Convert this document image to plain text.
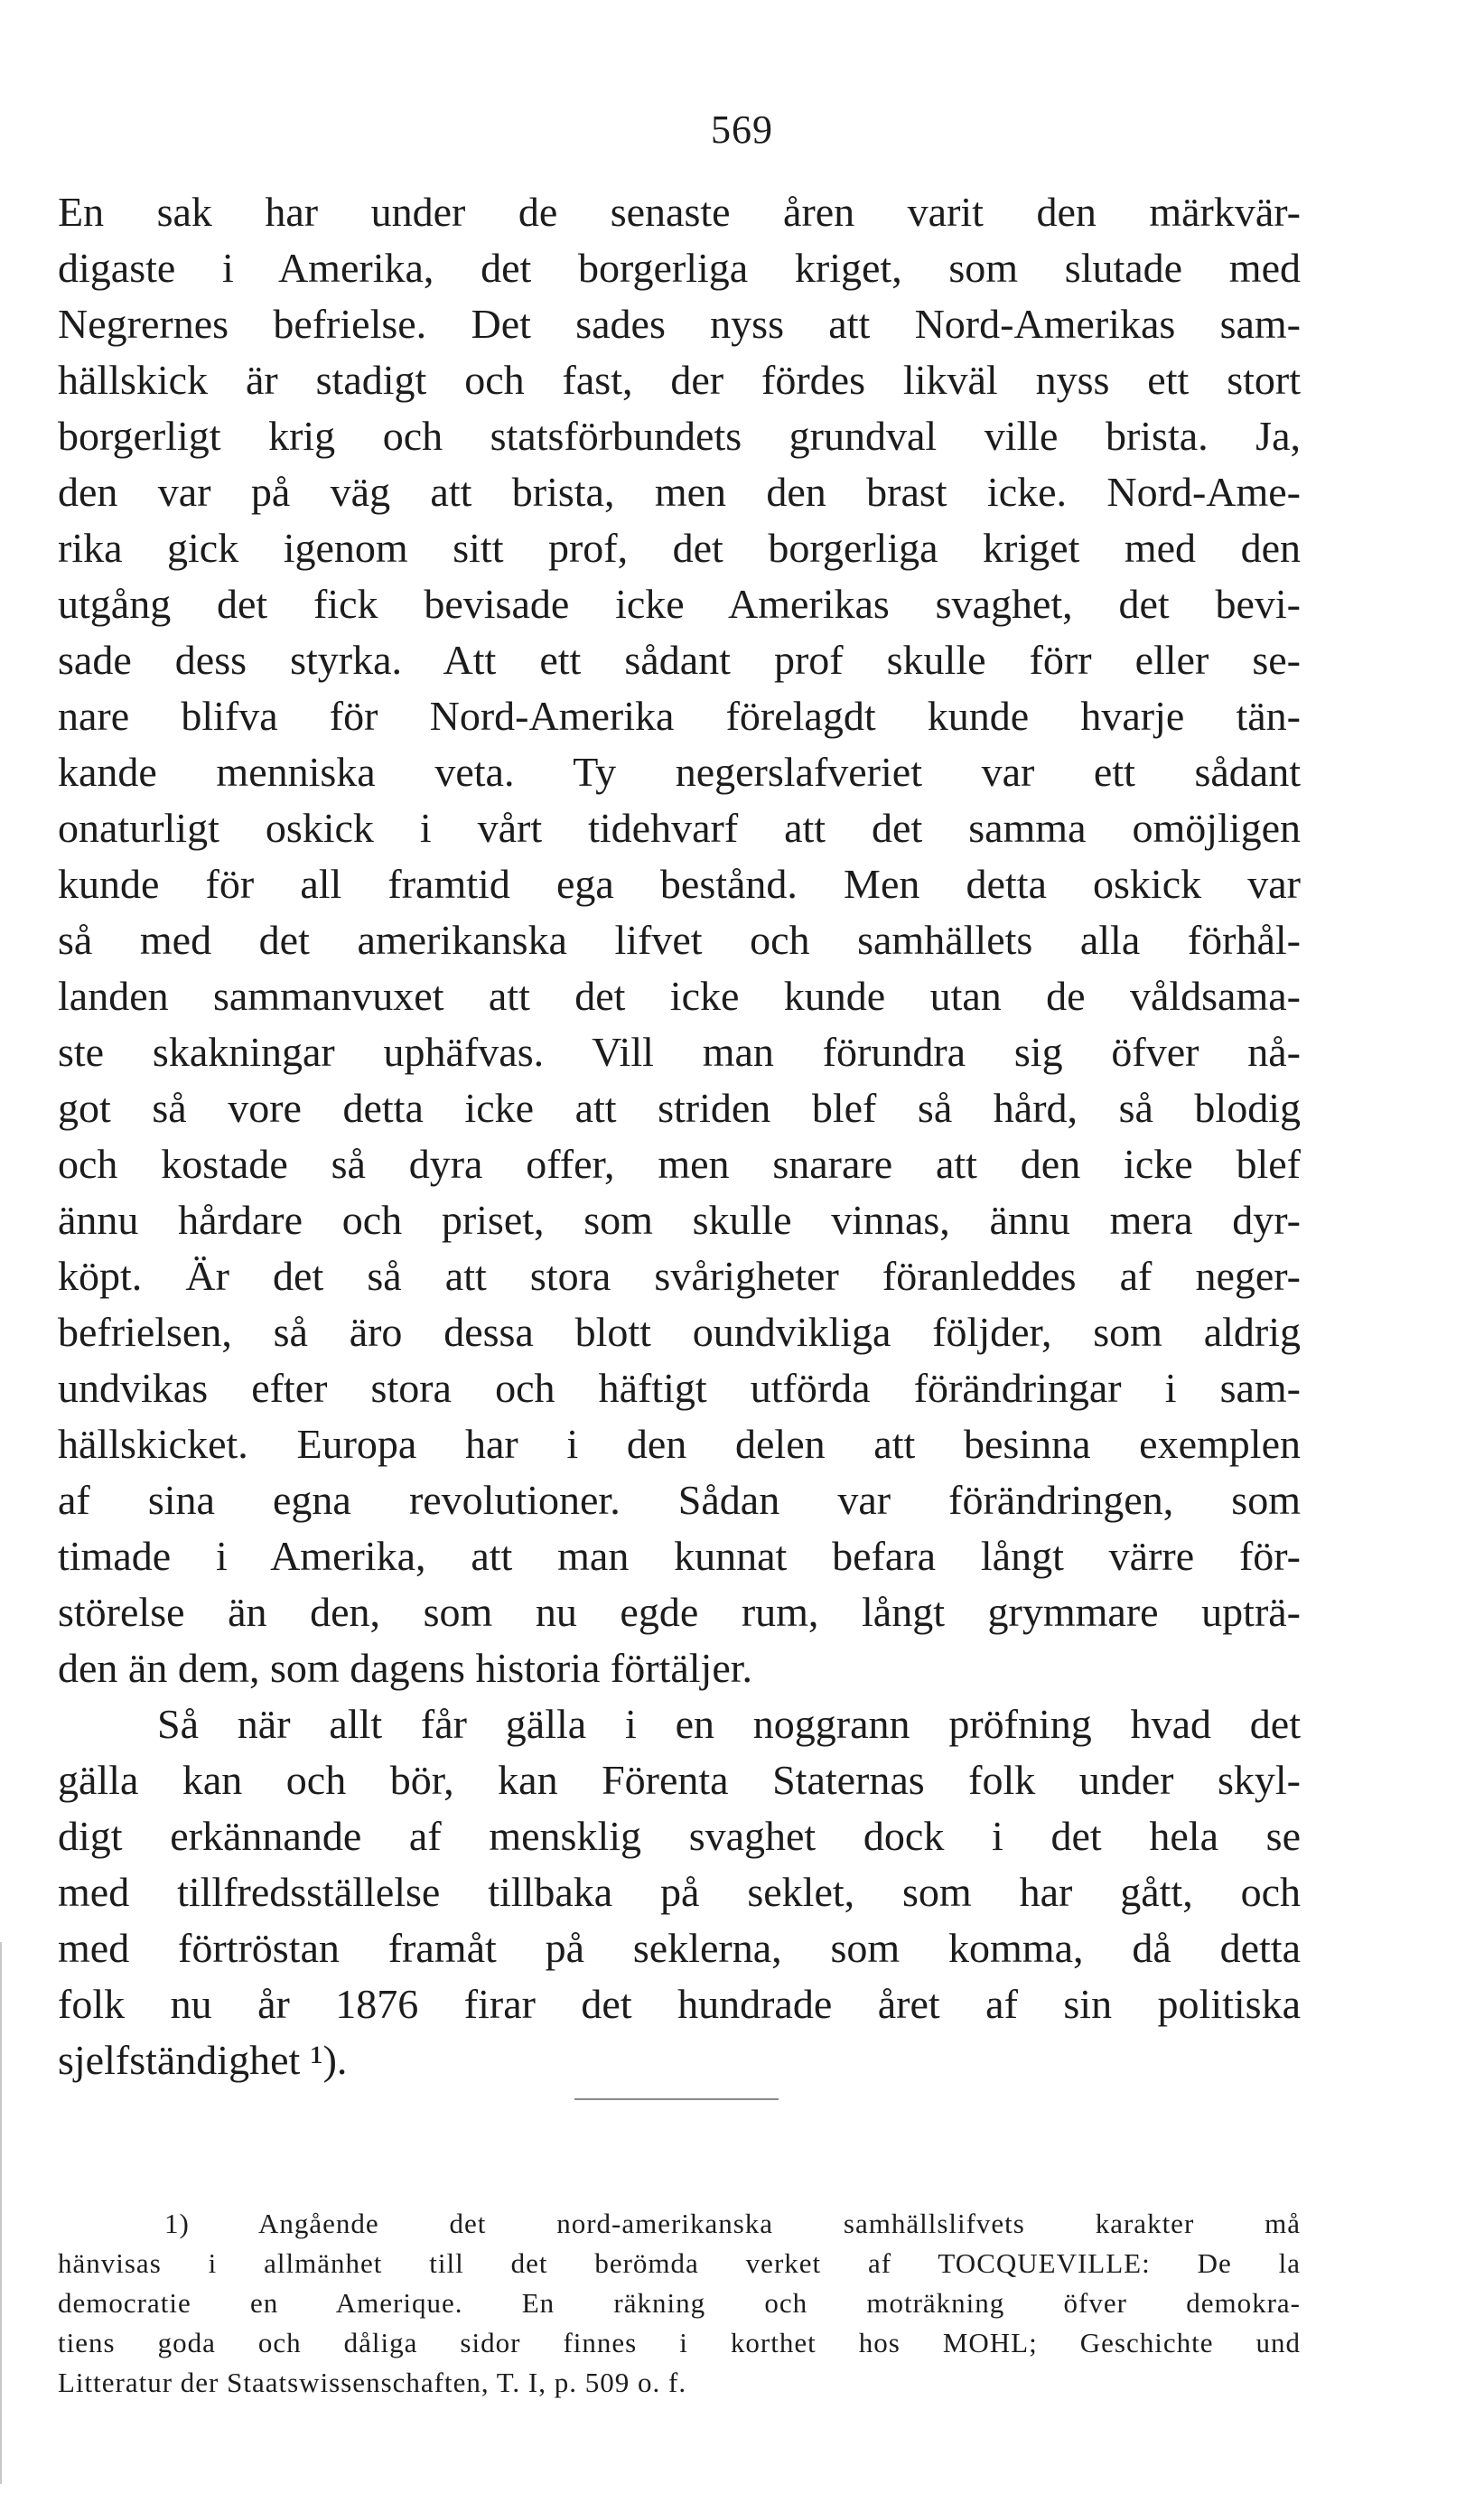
569
En sak har under de senaste åren varit den märkvär-
digaste i Amerika, det borgerliga kriget, som slutade med
Negrernes befrielse. Det sades nyss att Nord-Amerikas sam-
hällskick är stadigt och fast, der fördes likväl nyss ett stort
borgerligt krig och statsförbundets grundval ville brista. Ja,
den var på väg att brista, men den brast icke. Nord-Ame-
rika gick igenom sitt prof, det borgerliga kriget med den
utgång det fick bevisade icke Amerikas svaghet, det bevi-
sade dess styrka. Att ett sådant prof skulle förr eller se-
nare blifva för Nord-Amerika förelagdt kunde hvarje tän-
kande menniska veta. Ty negerslafveriet var ett sådant
onaturligt oskick i vårt tidehvarf att det samma omöjligen
kunde för all framtid ega bestånd. Men detta oskick var
så med det amerikanska lifvet och samhällets alla förhål-
landen sammanvuxet att det icke kunde utan de våldsama-
ste skakningar uphäfvas. Vill man förundra sig öfver nå-
got så vore detta icke att striden blef så hård, så blodig
och kostade så dyra offer, men snarare att den icke blef
ännu hårdare och priset, som skulle vinnas, ännu mera dyr-
köpt. Är det så att stora svårigheter föranleddes af neger-
befrielsen, så äro dessa blott oundvikliga följder, som aldrig
undvikas efter stora och häftigt utförda förändringar i sam-
hällskicket. Europa har i den delen att besinna exemplen
af sina egna revolutioner. Sådan var förändringen, som
timade i Amerika, att man kunnat befara långt värre för-
störelse än den, som nu egde rum, långt grymmare upträ-
den än dem, som dagens historia förtäljer.
Så när allt får gälla i en noggrann pröfning hvad det
gälla kan och bör, kan Förenta Staternas folk under skyl-
digt erkännande af mensklig svaghet dock i det hela se
med tillfredsställelse tillbaka på seklet, som har gått, och
med förtröstan framåt på seklerna, som komma, då detta
folk nu år 1876 firar det hundrade året af sin politiska
sjelfständighet ¹).
1) Angående det nord-amerikanska samhällslifvets karakter må
hänvisas i allmänhet till det berömda verket af TOCQUEVILLE: De la
democratie en Amerique. En räkning och moträkning öfver demokra-
tiens goda och dåliga sidor finnes i korthet hos MOHL; Geschichte und
Litteratur der Staatswissenschaften, T. I, p. 509 o. f.
